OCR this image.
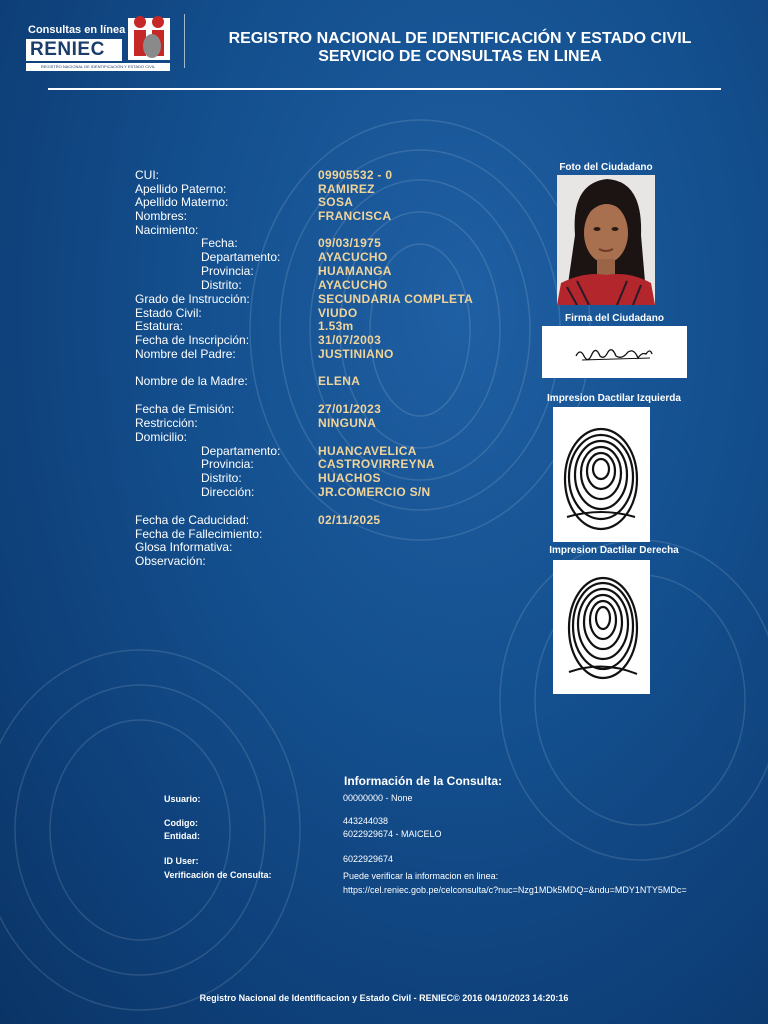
Consultas en línea
RENIEC
REGISTRO NACIONAL DE IDENTIFICACIÓN Y ESTADO CIVIL
REGISTRO NACIONAL DE IDENTIFICACIÓN Y ESTADO CIVIL
SERVICIO DE CONSULTAS EN LINEA
CUI:	09905532 - 0
Apellido Paterno:	RAMIREZ
Apellido Materno:	SOSA
Nombres:	FRANCISCA
Nacimiento:
Fecha:	09/03/1975
Departamento:	AYACUCHO
Provincia:	HUAMANGA
Distrito:	AYACUCHO
Grado de Instrucción:	SECUNDARIA COMPLETA
Estado Civil:	VIUDO
Estatura:	1.53m
Fecha de Inscripción:	31/07/2003
Nombre del Padre:	JUSTINIANO
Nombre de la Madre:	ELENA
Fecha de Emisión:	27/01/2023
Restricción:	NINGUNA
Domicilio:
Departamento:	HUANCAVELICA
Provincia:	CASTROVIRREYNA
Distrito:	HUACHOS
Dirección:	JR.COMERCIO S/N
Fecha de Caducidad:	02/11/2025
Fecha de Fallecimiento:
Glosa Informativa:
Observación:
Foto del Ciudadano
Firma del Ciudadano
Impresion Dactilar Izquierda
Impresion Dactilar Derecha
Información de la Consulta:
Usuario:	00000000 - None
Codigo:	443244038
Entidad:	6022929674 - MAICELO
ID User:	6022929674
Verificación de Consulta:	Puede verificar la informacion en linea:
https://cel.reniec.gob.pe/celconsulta/c?nuc=Nzg1MDk5MDQ=&ndu=MDY1NTY5MDc=
Registro Nacional de Identificacion y Estado Civil - RENIEC© 2016 04/10/2023 14:20:16
